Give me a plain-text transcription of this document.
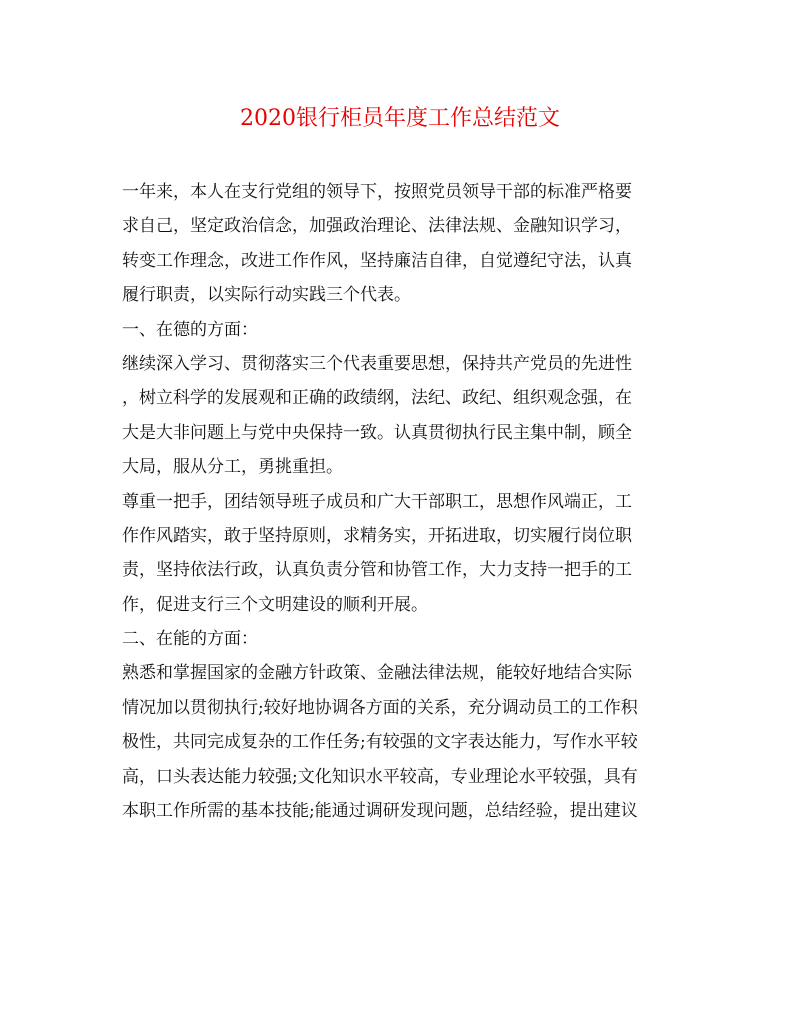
2020银行柜员年度工作总结范文
一年来，本人在支行党组的领导下，按照党员领导干部的标准严格要
求自己，坚定政治信念，加强政治理论、法律法规、金融知识学习，
转变工作理念，改进工作作风，坚持廉洁自律，自觉遵纪守法，认真
履行职责，以实际行动实践三个代表。
一、在德的方面：
继续深入学习、贯彻落实三个代表重要思想，保持共产党员的先进性
，树立科学的发展观和正确的政绩纲，法纪、政纪、组织观念强，在
大是大非问题上与党中央保持一致。认真贯彻执行民主集中制，顾全
大局，服从分工，勇挑重担。
尊重一把手，团结领导班子成员和广大干部职工，思想作风端正，工
作作风踏实，敢于坚持原则，求精务实，开拓进取，切实履行岗位职
责，坚持依法行政，认真负责分管和协管工作，大力支持一把手的工
作，促进支行三个文明建设的顺利开展。
二、在能的方面：
熟悉和掌握国家的金融方针政策、金融法律法规，能较好地结合实际
情况加以贯彻执行;较好地协调各方面的关系，充分调动员工的工作积
极性，共同完成复杂的工作任务;有较强的文字表达能力，写作水平较
高，口头表达能力较强;文化知识水平较高，专业理论水平较强，具有
本职工作所需的基本技能;能通过调研发现问题，总结经验，提出建议
